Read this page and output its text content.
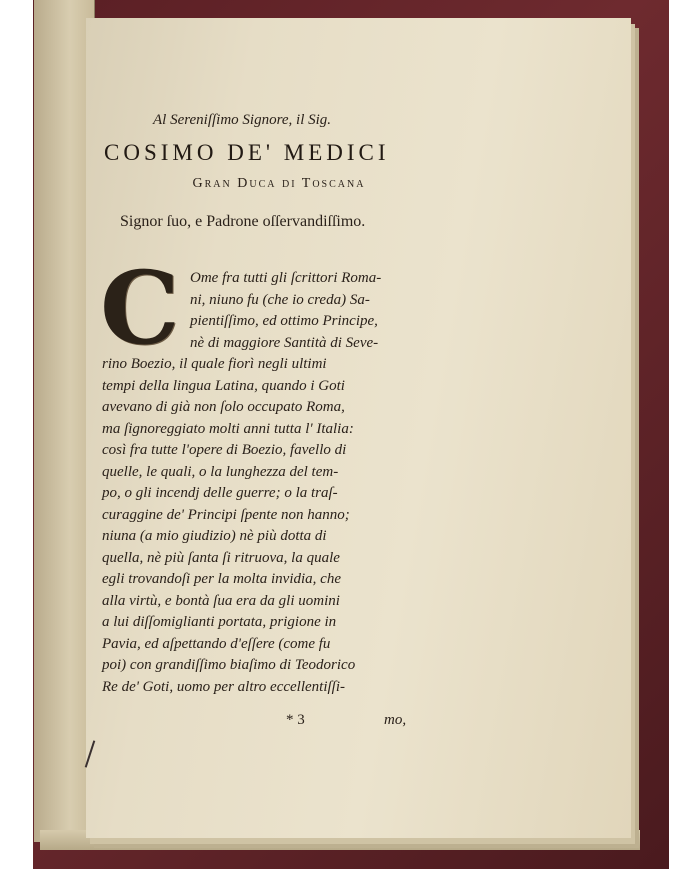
Al Sereniſſimo Signore, il Sig.
COSIMO DE' MEDICI
Gran Duca di Toscana
Signor ſuo, e Padrone oſſervandiſſimo.
C Ome fra tutti gli ſcrittori Roma-
ni, niuno fu (che io creda) Sa-
pientiſſimo, ed ottimo Principe,
nè di maggiore Santità di Seve-
rino Boezio, il quale fiorì negli ultimi
tempi della lingua Latina, quando i Goti
avevano di già non ſolo occupato Roma,
ma ſignoreggiato molti anni tutta l' Italia:
così fra tutte l'opere di Boezio, favello di
quelle, le quali, o la lunghezza del tem-
po, o gli incendj delle guerre; o la traſ-
curaggine de' Principi ſpente non hanno;
niuna (a mio giudizio) nè più dotta di
quella, nè più ſanta ſi ritruova, la quale
egli trovandoſi per la molta invidia, che
alla virtù, e bontà ſua era da gli uomini
a lui diſſomiglianti portata, prigione in
Pavia, ed aſpettando d'eſſere (come fu
poi) con grandiſſimo biaſimo di Teodorico
Re de' Goti, uomo per altro eccellentiſſi-
* 3	mo,
